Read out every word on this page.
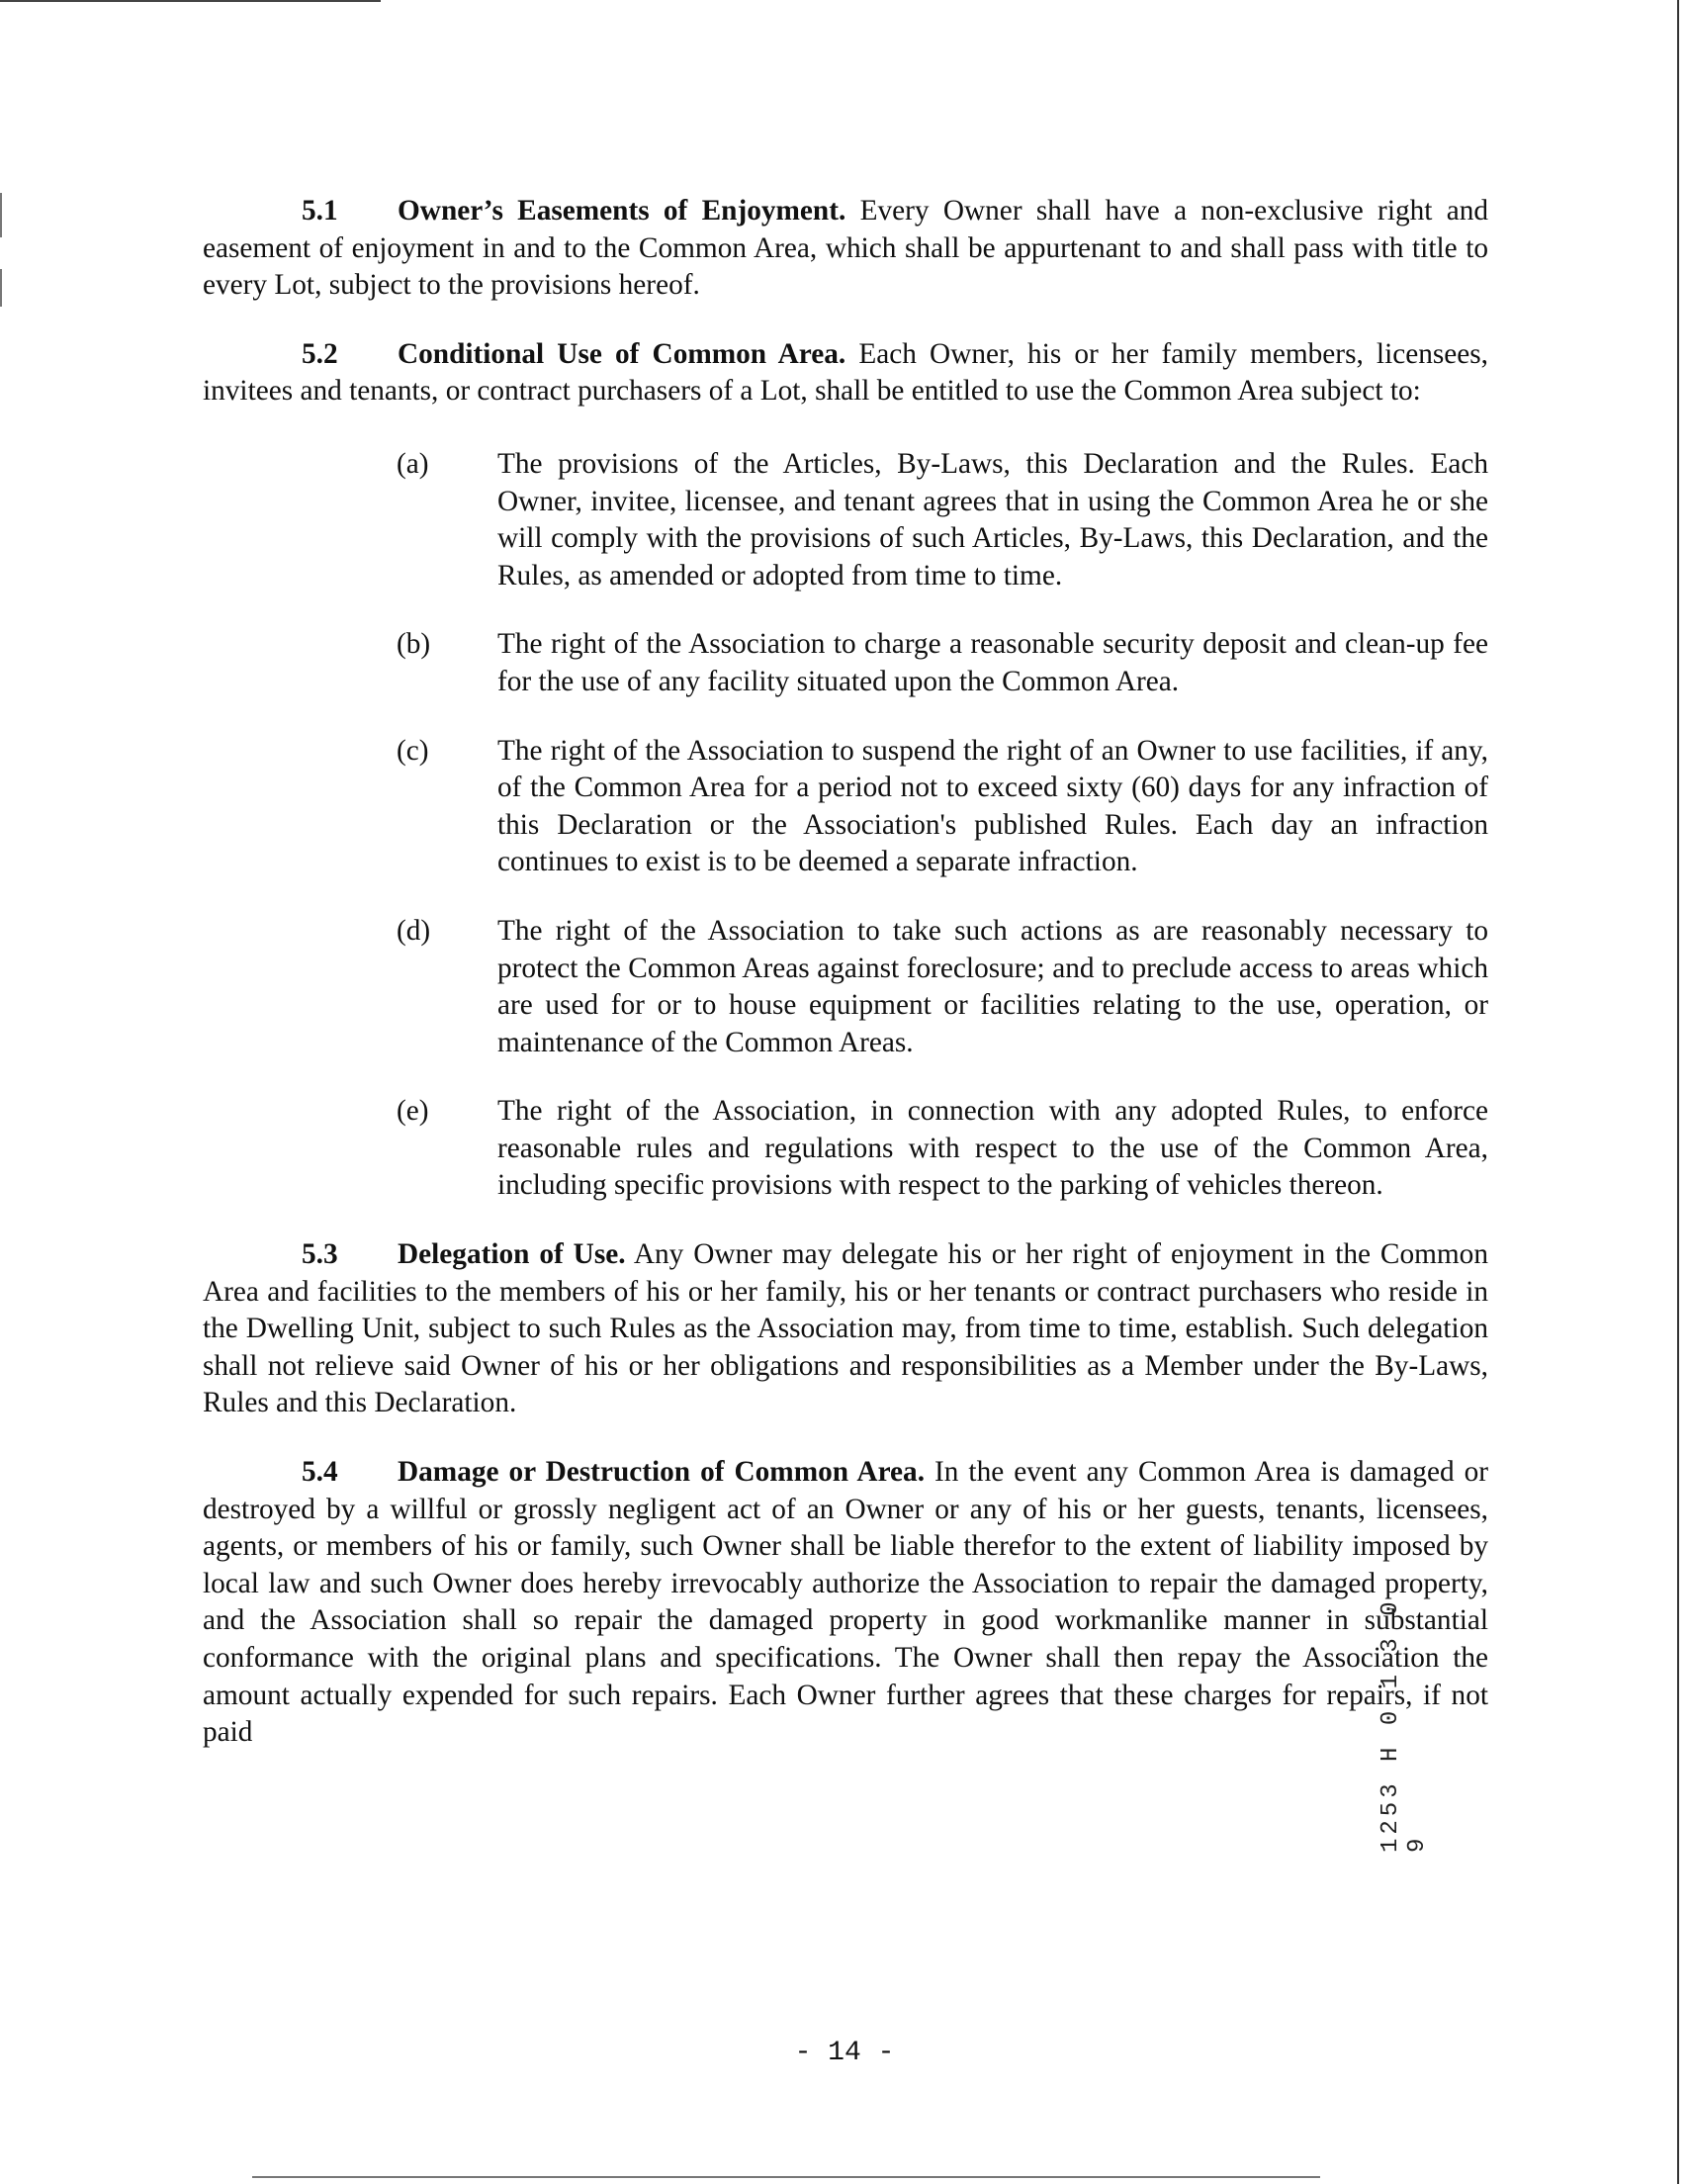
5.1 Owner’s Easements of Enjoyment. Every Owner shall have a non-exclusive right and easement of enjoyment in and to the Common Area, which shall be appurtenant to and shall pass with title to every Lot, subject to the provisions hereof.

5.2 Conditional Use of Common Area. Each Owner, his or her family members, licensees, invitees and tenants, or contract purchasers of a Lot, shall be entitled to use the Common Area subject to:

(a) The provisions of the Articles, By-Laws, this Declaration and the Rules. Each Owner, invitee, licensee, and tenant agrees that in using the Common Area he or she will comply with the provisions of such Articles, By-Laws, this Declaration, and the Rules, as amended or adopted from time to time.
(b) The right of the Association to charge a reasonable security deposit and clean-up fee for the use of any facility situated upon the Common Area.
(c) The right of the Association to suspend the right of an Owner to use facilities, if any, of the Common Area for a period not to exceed sixty (60) days for any infraction of this Declaration or the Association's published Rules. Each day an infraction continues to exist is to be deemed a separate infraction.
(d) The right of the Association to take such actions as are reasonably necessary to protect the Common Areas against foreclosure; and to preclude access to areas which are used for or to house equipment or facilities relating to the use, operation, or maintenance of the Common Areas.
(e) The right of the Association, in connection with any adopted Rules, to enforce reasonable rules and regulations with respect to the use of the Common Area, including specific provisions with respect to the parking of vehicles thereon.

5.3 Delegation of Use. Any Owner may delegate his or her right of enjoyment in the Common Area and facilities to the members of his or her family, his or her tenants or contract purchasers who reside in the Dwelling Unit, subject to such Rules as the Association may, from time to time, establish. Such delegation shall not relieve said Owner of his or her obligations and responsibilities as a Member under the By-Laws, Rules and this Declaration.

5.4 Damage or Destruction of Common Area. In the event any Common Area is damaged or destroyed by a willful or grossly negligent act of an Owner or any of his or her guests, tenants, licensees, agents, or members of his or family, such Owner shall be liable therefor to the extent of liability imposed by local law and such Owner does hereby irrevocably authorize the Association to repair the damaged property, and the Association shall so repair the damaged property in good workmanlike manner in substantial conformance with the original plans and specifications. The Owner shall then repay the Association the amount actually expended for such repairs. Each Owner further agrees that these charges for repairs, if not paid	1253 H 0 1 3 0 9
- 14 -
